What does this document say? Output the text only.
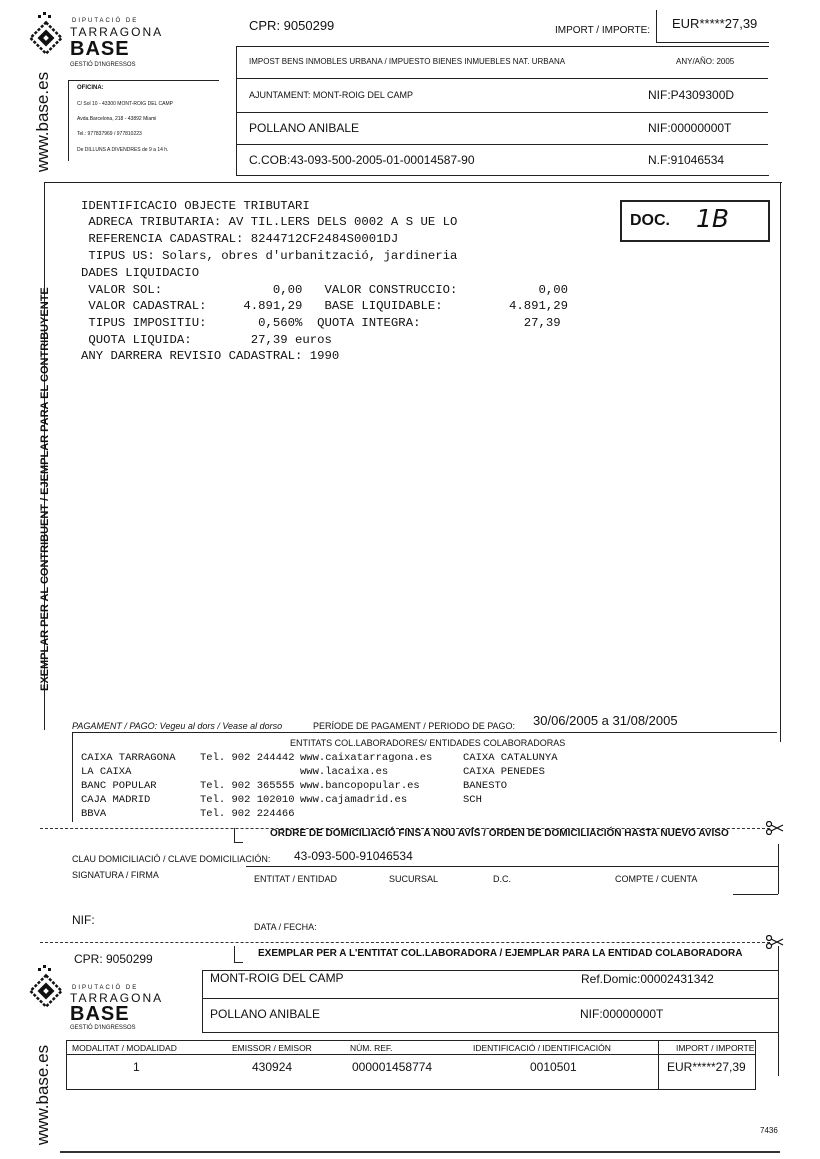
DIPUTACIÓ DE
TARRAGONA
BASE
GESTIÓ D'INGRESSOS
www.base.es	OFICINA:
C/ Sol 10 - 43300 MONT-ROIG DEL CAMP
Avda.Barcelona, 218 - 43892 Miami
Tel.: 977837969 / 977810223
De DILLUNS A DIVENDRES de 9 a 14 h.
CPR: 9050299	IMPORT / IMPORTE: EUR*****27,39
IMPOST BENS INMOBLES URBANA / IMPUESTO BIENES INMUEBLES NAT. URBANA	ANY/AÑO: 2005
AJUNTAMENT: MONT-ROIG DEL CAMP	NIF:P4309300D
POLLANO ANIBALE	NIF:00000000T
C.COB:43-093-500-2005-01-00014587-90	N.F:91046534
EXEMPLAR PER AL CONTRIBUENT / EJEMPLAR PARA EL CONTRIBUYENTE
DOC. 1B
IDENTIFICACIO OBJECTE TRIBUTARI
ADRECA TRIBUTARIA: AV TIL.LERS DELS 0002 A S UE LO
REFERENCIA CADASTRAL: 8244712CF2484S0001DJ
TIPUS US: Solars, obres d'urbanització, jardineria
DADES LIQUIDACIO
VALOR SOL:               0,00   VALOR CONSTRUCCIO:           0,00
VALOR CADASTRAL:     4.891,29   BASE LIQUIDABLE:         4.891,29
TIPUS IMPOSITIU:       0,560%  QUOTA INTEGRA:              27,39
QUOTA LIQUIDA:        27,39 euros
ANY DARRERA REVISIO CADASTRAL: 1990
PAGAMENT / PAGO: Vegeu al dors / Vease al dorso	PERÍODE DE PAGAMENT / PERIODO DE PAGO: 30/06/2005 a 31/08/2005
ENTITATS COL.LABORADORES/ ENTIDADES COLABORADORAS
CAIXA TARRAGONA Tel. 902 244442 www.caixatarragona.es	CAIXA CATALUNYA
LA CAIXA	www.lacaixa.es	CAIXA PENEDES
BANC POPULAR	Tel. 902 365555 www.bancopopular.es	BANESTO
CAJA MADRID	Tel. 902 102010 www.cajamadrid.es	SCH
BBVA	Tel. 902 224466
ORDRE DE DOMICILIACIÓ FINS A NOU AVÍS / ORDEN DE DOMICILIACIÓN HASTA NUEVO AVISO
CLAU DOMICILIACIÓ / CLAVE DOMICILIACIÓN: 43-093-500-91046534
SIGNATURA / FIRMA	ENTITAT / ENTIDAD	SUCURSAL	D.C.	COMPTE / CUENTA
NIF:	DATA / FECHA:
CPR: 9050299	EXEMPLAR PER A L'ENTITAT COL.LABORADORA / EJEMPLAR PARA LA ENTIDAD COLABORADORA
DIPUTACIÓ DE
TARRAGONA
BASE
GESTIÓ D'INGRESSOS
www.base.es
MONT-ROIG DEL CAMP	Ref.Domic:00002431342
POLLANO ANIBALE	NIF:00000000T
MODALITAT / MODALIDAD	EMISSOR / EMISOR	NÚM. REF.	IDENTIFICACIÓ / IDENTIFICACIÓN	IMPORT / IMPORTE
1	430924	000001458774	0010501	EUR*****27,39
7436
